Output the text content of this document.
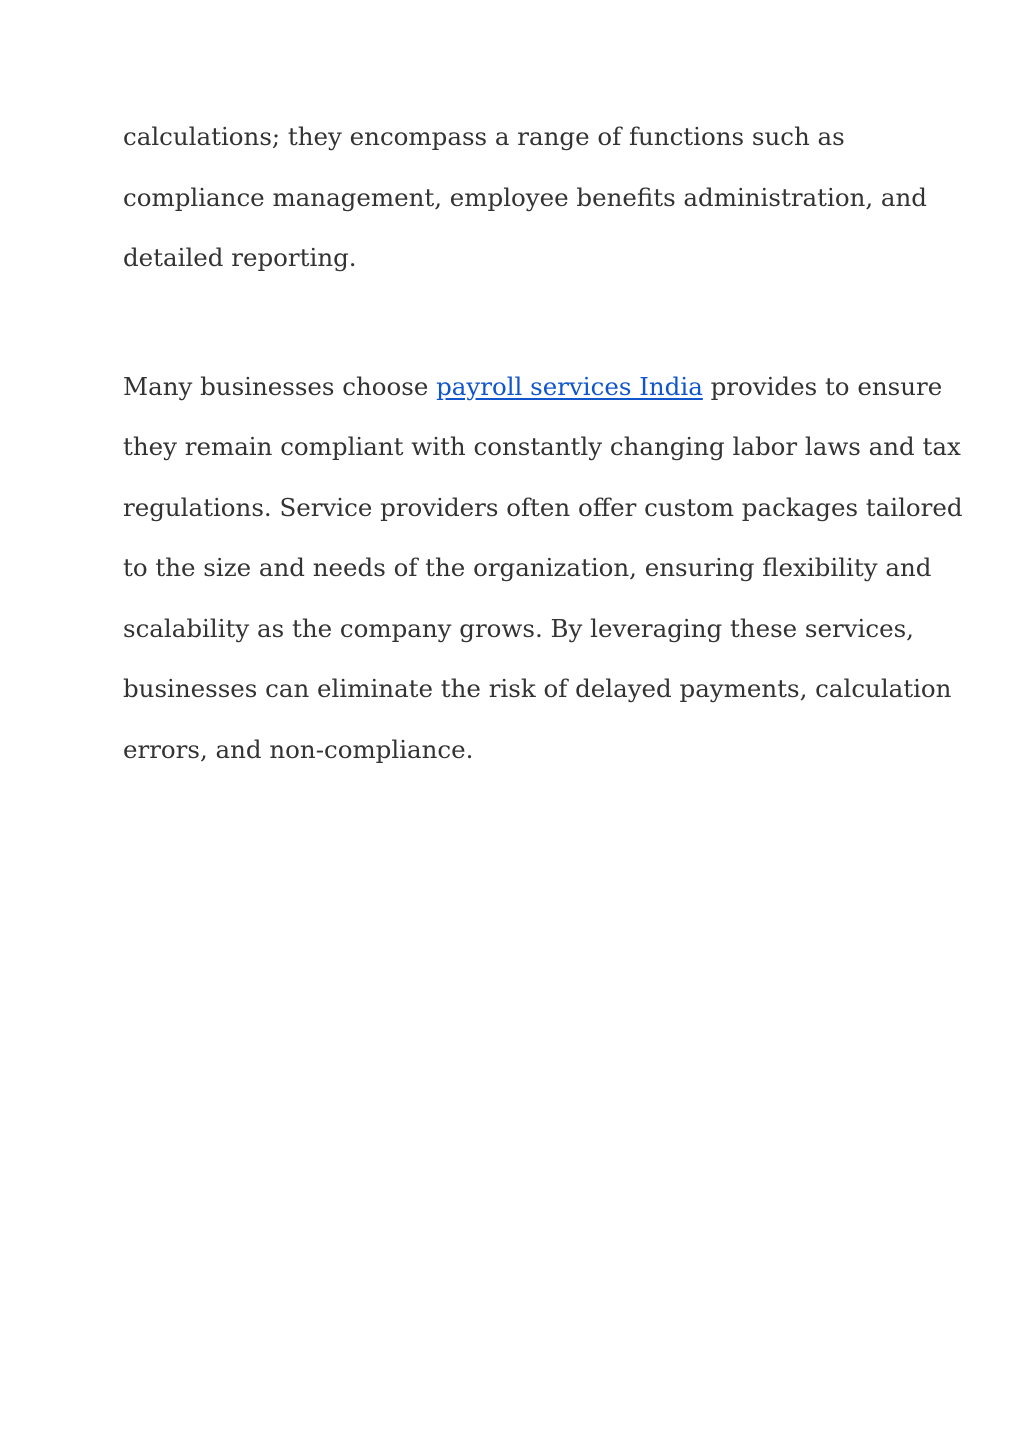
calculations; they encompass a range of functions such as
compliance management, employee benefits administration, and
detailed reporting.

Many businesses choose payroll services India provides to ensure
they remain compliant with constantly changing labor laws and tax
regulations. Service providers often offer custom packages tailored
to the size and needs of the organization, ensuring flexibility and
scalability as the company grows. By leveraging these services,
businesses can eliminate the risk of delayed payments, calculation
errors, and non-compliance.
